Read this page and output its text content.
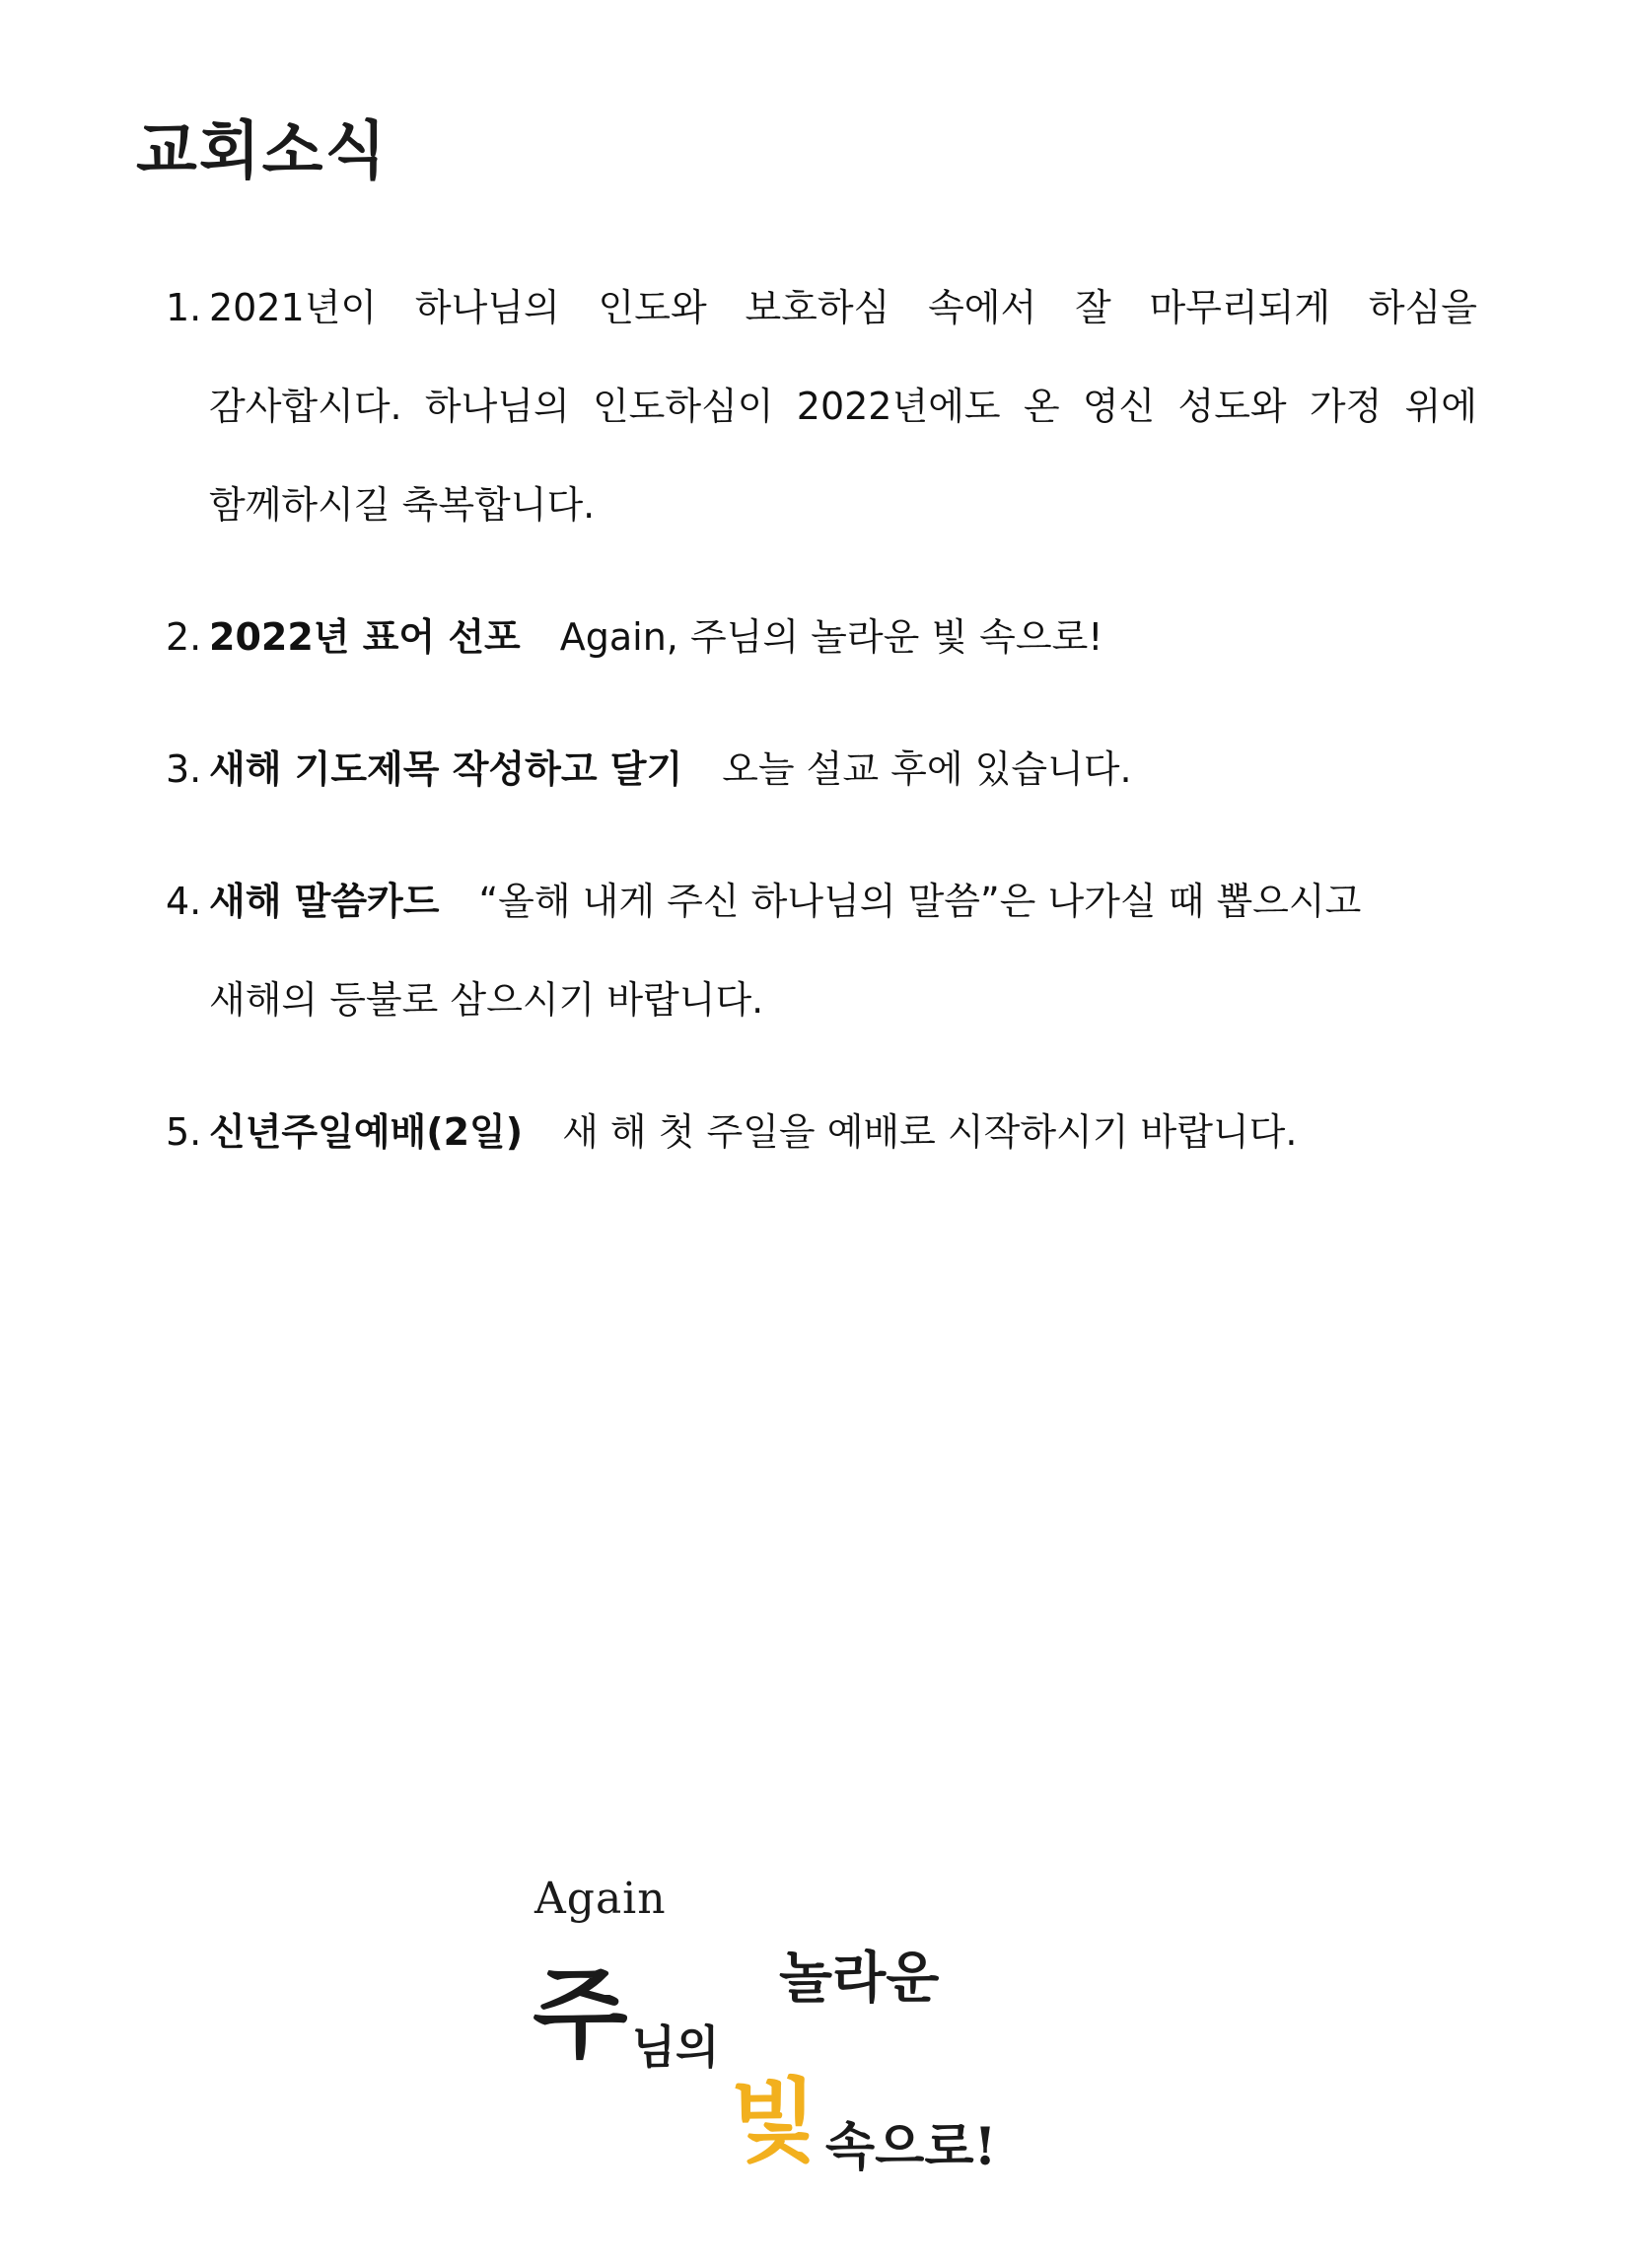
교회소식
1. 2021년이 하나님의 인도와 보호하심 속에서 잘 마무리되게 하심을
감사합시다. 하나님의 인도하심이 2022년에도 온 영신 성도와 가정 위에
함께하시길 축복합니다.
2. 2022년 표어 선포 Again, 주님의 놀라운 빛 속으로!
3. 새해 기도제목 작성하고 달기 오늘 설교 후에 있습니다.
4. 새해 말씀카드 “올해 내게 주신 하나님의 말씀”은 나가실 때 뽑으시고
새해의 등불로 삼으시기 바랍니다.
5. 신년주일예배(2일) 새 해 첫 주일을 예배로 시작하시기 바랍니다.
Again
주님의
놀라운
빛속으로!
